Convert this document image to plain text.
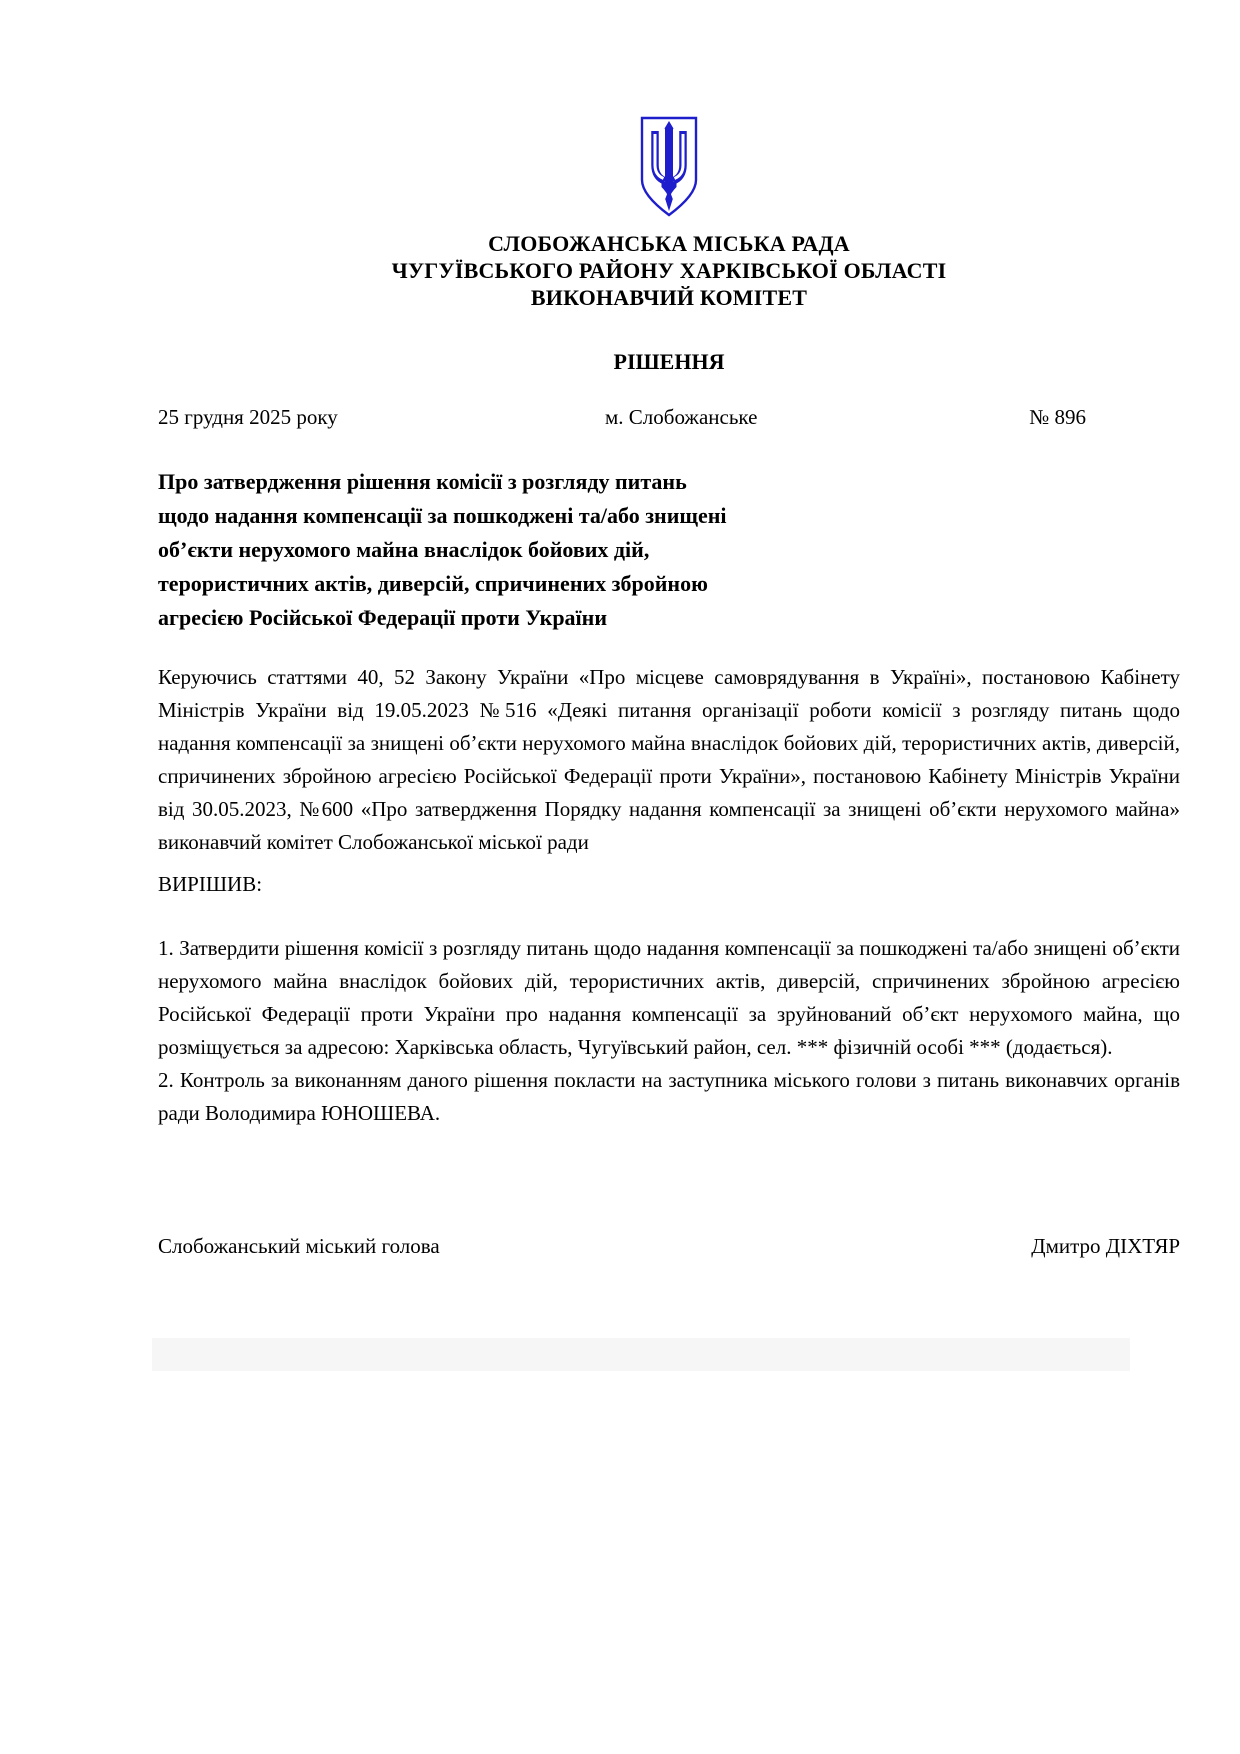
СЛОБОЖАНСЬКА МІСЬКА РАДА
ЧУГУЇВСЬКОГО РАЙОНУ ХАРКІВСЬКОЇ ОБЛАСТІ
ВИКОНАВЧИЙ КОМІТЕТ
РІШЕННЯ
25 грудня 2025 року	м. Слобожанське	№ 896
Про затвердження рішення комісії з розгляду питань
щодо надання компенсації за пошкоджені та/або знищені
об’єкти нерухомого майна внаслідок бойових дій,
терористичних актів, диверсій, спричинених збройною
агресією Російської Федерації проти України

Керуючись статтями 40, 52 Закону України «Про місцеве самоврядування в Україні», постановою Кабінету Міністрів України від 19.05.2023 №516 «Деякі питання організації роботи комісії з розгляду питань щодо надання компенсації за знищені об’єкти нерухомого майна внаслідок бойових дій, терористичних актів, диверсій, спричинених збройною агресією Російської Федерації проти України», постановою Кабінету Міністрів України від 30.05.2023, №600 «Про затвердження Порядку надання компенсації за знищені об’єкти нерухомого майна» виконавчий комітет Слобожанської міської ради

ВИРІШИВ:

1. Затвердити рішення комісії з розгляду питань щодо надання компенсації за пошкоджені та/або знищені об’єкти нерухомого майна внаслідок бойових дій, терористичних актів, диверсій, спричинених збройною агресією Російської Федерації проти України про надання компенсації за зруйнований об’єкт нерухомого майна, що розміщується за адресою: Харківська область, Чугуївський район, сел. *** фізичній особі *** (додається).

2. Контроль за виконанням даного рішення покласти на заступника міського голови з питань виконавчих органів ради Володимира ЮНОШЕВА.

Слобожанський міський голова	Дмитро ДІХТЯР
